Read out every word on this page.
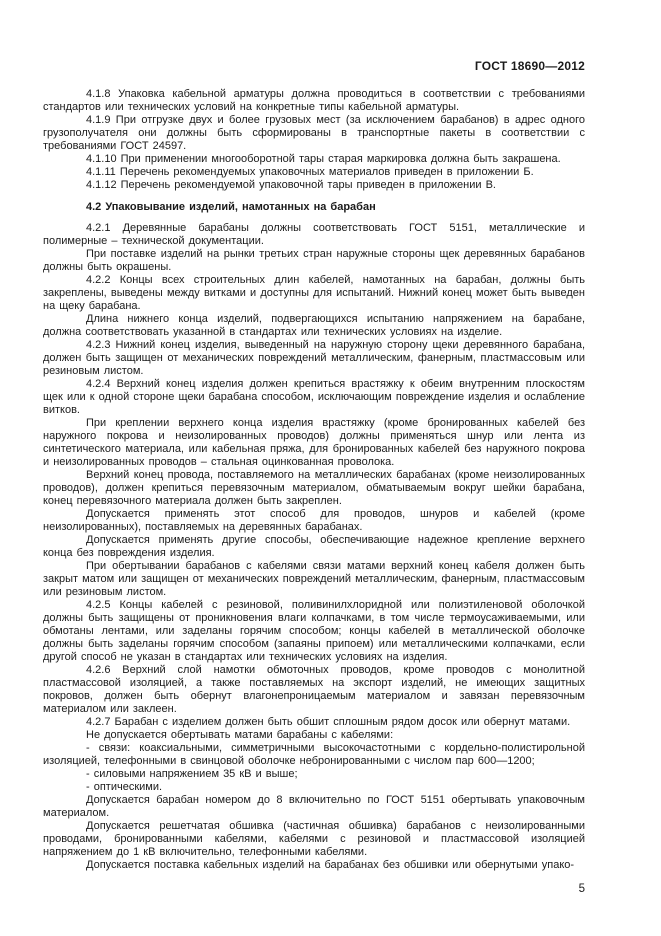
ГОСТ 18690—2012

4.1.8 Упаковка кабельной арматуры должна проводиться в соответствии с требованиями стандартов или технических условий на конкретные типы кабельной арматуры.

4.1.9 При отгрузке двух и более грузовых мест (за исключением барабанов) в адрес одного грузополучателя они должны быть сформированы в транспортные пакеты в соответствии с требованиями ГОСТ 24597.

4.1.10 При применении многооборотной тары старая маркировка должна быть закрашена.

4.1.11 Перечень рекомендуемых упаковочных материалов приведен в приложении Б.

4.1.12 Перечень рекомендуемой упаковочной тары приведен в приложении В.

4.2 Упаковывание изделий, намотанных на барабан

4.2.1 Деревянные барабаны должны соответствовать ГОСТ 5151, металлические и полимерные – технической документации.

При поставке изделий на рынки третьих стран наружные стороны щек деревянных барабанов должны быть окрашены.

4.2.2 Концы всех строительных длин кабелей, намотанных на барабан, должны быть закреплены, выведены между витками и доступны для испытаний. Нижний конец может быть выведен на щеку барабана.

Длина нижнего конца изделий, подвергающихся испытанию напряжением на барабане, должна соответствовать указанной в стандартах или технических условиях на изделие.

4.2.3 Нижний конец изделия, выведенный на наружную сторону щеки деревянного барабана, должен быть защищен от механических повреждений металлическим, фанерным, пластмассовым или резиновым листом.

4.2.4 Верхний конец изделия должен крепиться врастяжку к обеим внутренним плоскостям щек или к одной стороне щеки барабана способом, исключающим повреждение изделия и ослабление витков.

При креплении верхнего конца изделия врастяжку (кроме бронированных кабелей без наружного покрова и неизолированных проводов) должны применяться шнур или лента из синтетического материала, или кабельная пряжа, для бронированных кабелей без наружного покрова и неизолированных проводов – стальная оцинкованная проволока.

Верхний конец провода, поставляемого на металлических барабанах (кроме неизолированных проводов), должен крепиться перевязочным материалом, обматываемым вокруг шейки барабана, конец перевязочного материала должен быть закреплен.

Допускается применять этот способ для проводов, шнуров и кабелей (кроме неизолированных), поставляемых на деревянных барабанах.

Допускается применять другие способы, обеспечивающие надежное крепление верхнего конца без повреждения изделия.

При обертывании барабанов с кабелями связи матами верхний конец кабеля должен быть закрыт матом или защищен от механических повреждений металлическим, фанерным, пластмассовым или резиновым листом.

4.2.5 Концы кабелей с резиновой, поливинилхлоридной или полиэтиленовой оболочкой должны быть защищены от проникновения влаги колпачками, в том числе термоусаживаемыми, или обмотаны лентами, или заделаны горячим способом; концы кабелей в металлической оболочке должны быть заделаны горячим способом (запаяны припоем) или металлическими колпачками, если другой способ не указан в стандартах или технических условиях на изделия.

4.2.6 Верхний слой намотки обмоточных проводов, кроме проводов с монолитной пластмассовой изоляцией, а также поставляемых на экспорт изделий, не имеющих защитных покровов, должен быть обернут влагонепроницаемым материалом и завязан перевязочным материалом или заклеен.

4.2.7 Барабан с изделием должен быть обшит сплошным рядом досок или обернут матами.

Не допускается обертывать матами барабаны с кабелями:

- связи: коаксиальными, симметричными высокочастотными с кордельно-полистирольной изоляцией, телефонными в свинцовой оболочке небронированными с числом пар 600—1200;

- силовыми напряжением 35 кВ и выше;

- оптическими.

Допускается барабан номером до 8 включительно по ГОСТ 5151 обертывать упаковочным материалом.

Допускается решетчатая обшивка (частичная обшивка) барабанов с неизолированными проводами, бронированными кабелями, кабелями с резиновой и пластмассовой изоляцией напряжением до 1 кВ включительно, телефонными кабелями.

Допускается поставка кабельных изделий на барабанах без обшивки или обернутыми упако-

5
